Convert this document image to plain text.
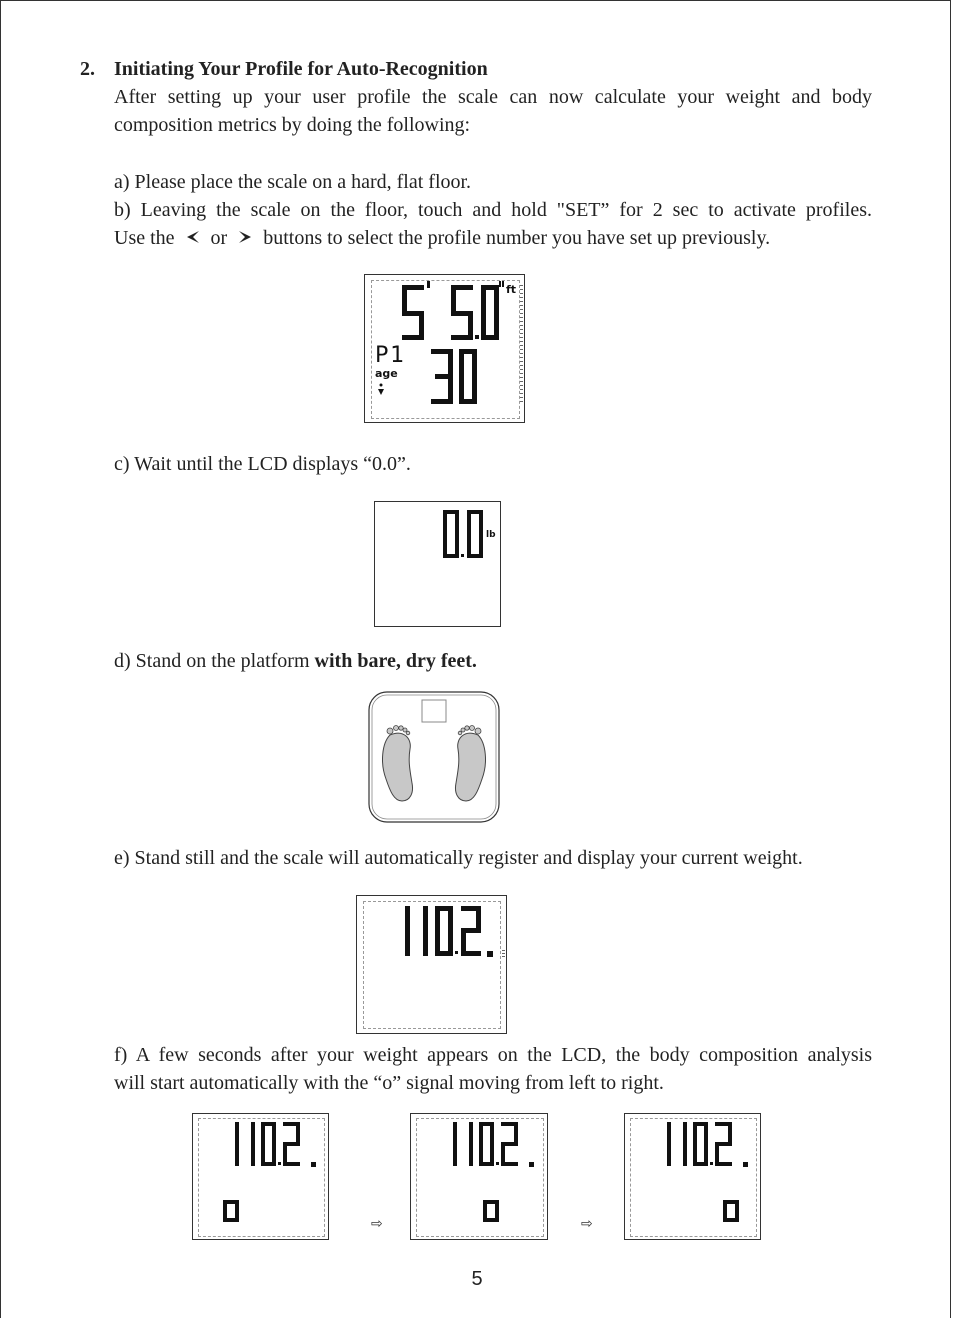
2. Initiating Your Profile for Auto-Recognition
After setting up your user profile the scale can now calculate your weight and body composition metrics by doing the following:
a) Please place the scale on a hard, flat floor.
b) Leaving the scale on the floor, touch and hold "SET” for 2 sec to activate profiles.
Use the or buttons to select the profile number you have set up previously.
ft
P1
age
c) Wait until the LCD displays “0.0”.
lb
d) Stand on the platform with bare, dry feet.
e) Stand still and the scale will automatically register and display your current weight.
f) A few seconds after your weight appears on the LCD, the body composition analysis
will start automatically with the “o” signal moving from left to right.
⇨	⇨
5
